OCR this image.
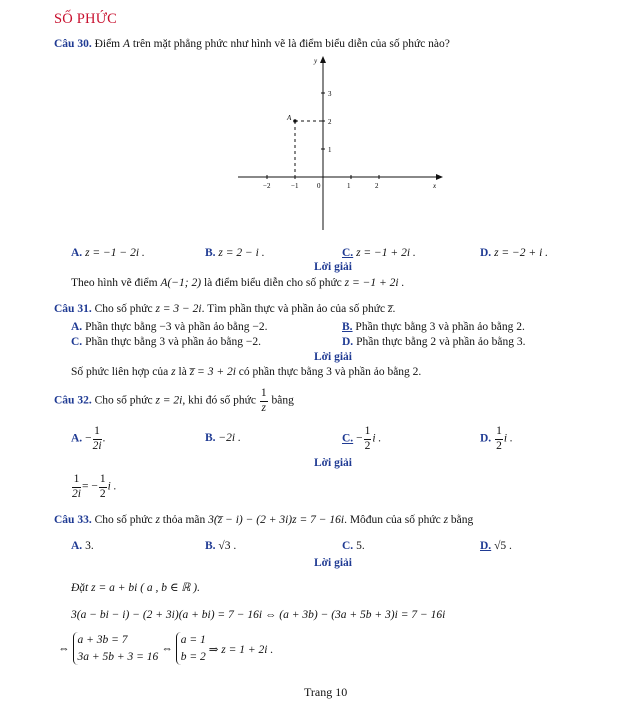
SỐ PHỨC
Câu 30. Điểm A trên mặt phẳng phức như hình vẽ là điểm biểu diễn của số phức nào?
x
y
−2	−1	1	2
1
2
3
0
A
A. z = −1 − 2i .	B. z = 2 − i .	C. z = −1 + 2i .	D. z = −2 + i .
Lời giải
Theo hình vẽ điểm A(−1; 2) là điểm biểu diễn cho số phức z = −1 + 2i .
Câu 31. Cho số phức z = 3 − 2i. Tìm phần thực và phần ảo của số phức z̅.
A. Phần thực bằng −3 và phần ảo bằng −2.	B. Phần thực bằng 3 và phần ảo bằng 2.
C. Phần thực bằng 3 và phần ảo bằng −2.	D. Phần thực bằng 2 và phần ảo bằng 3.
Lời giải
Số phức liên hợp của z là z̅ = 3 + 2i có phần thực bằng 3 và phần ảo bằng 2.
Câu 32. Cho số phức z = 2i, khi đó số phức $\frac{1}{z}$ bằng
A. − $\frac{1}{2i}$ .	B. −2i .	C. − $\frac{1}{2}$ i .	D. $\frac{1}{2}$ i .
Lời giải
$\frac{1}{2i}$ = − $\frac{1}{2}$ i .
Câu 33. Cho số phức z thỏa mãn 3(z̅ − i) − (2 + 3i)z = 7 − 16i. Môđun của số phức z bằng
A. 3.	B. √3 .	C. 5.	D. √5 .
Lời giải
Đặt z = a + bi ( a , b ∈ ℝ ).
3(a − bi − i) − (2 + 3i)(a + bi) = 7 − 16i ⇔ (a + 3b) − (3a + 5b + 3)i = 7 − 16i
⇔
a + 3b = 7
3a + 5b + 3 = 16
⇔
a = 1
b = 2
⇒ z = 1 + 2i .
Trang 10
